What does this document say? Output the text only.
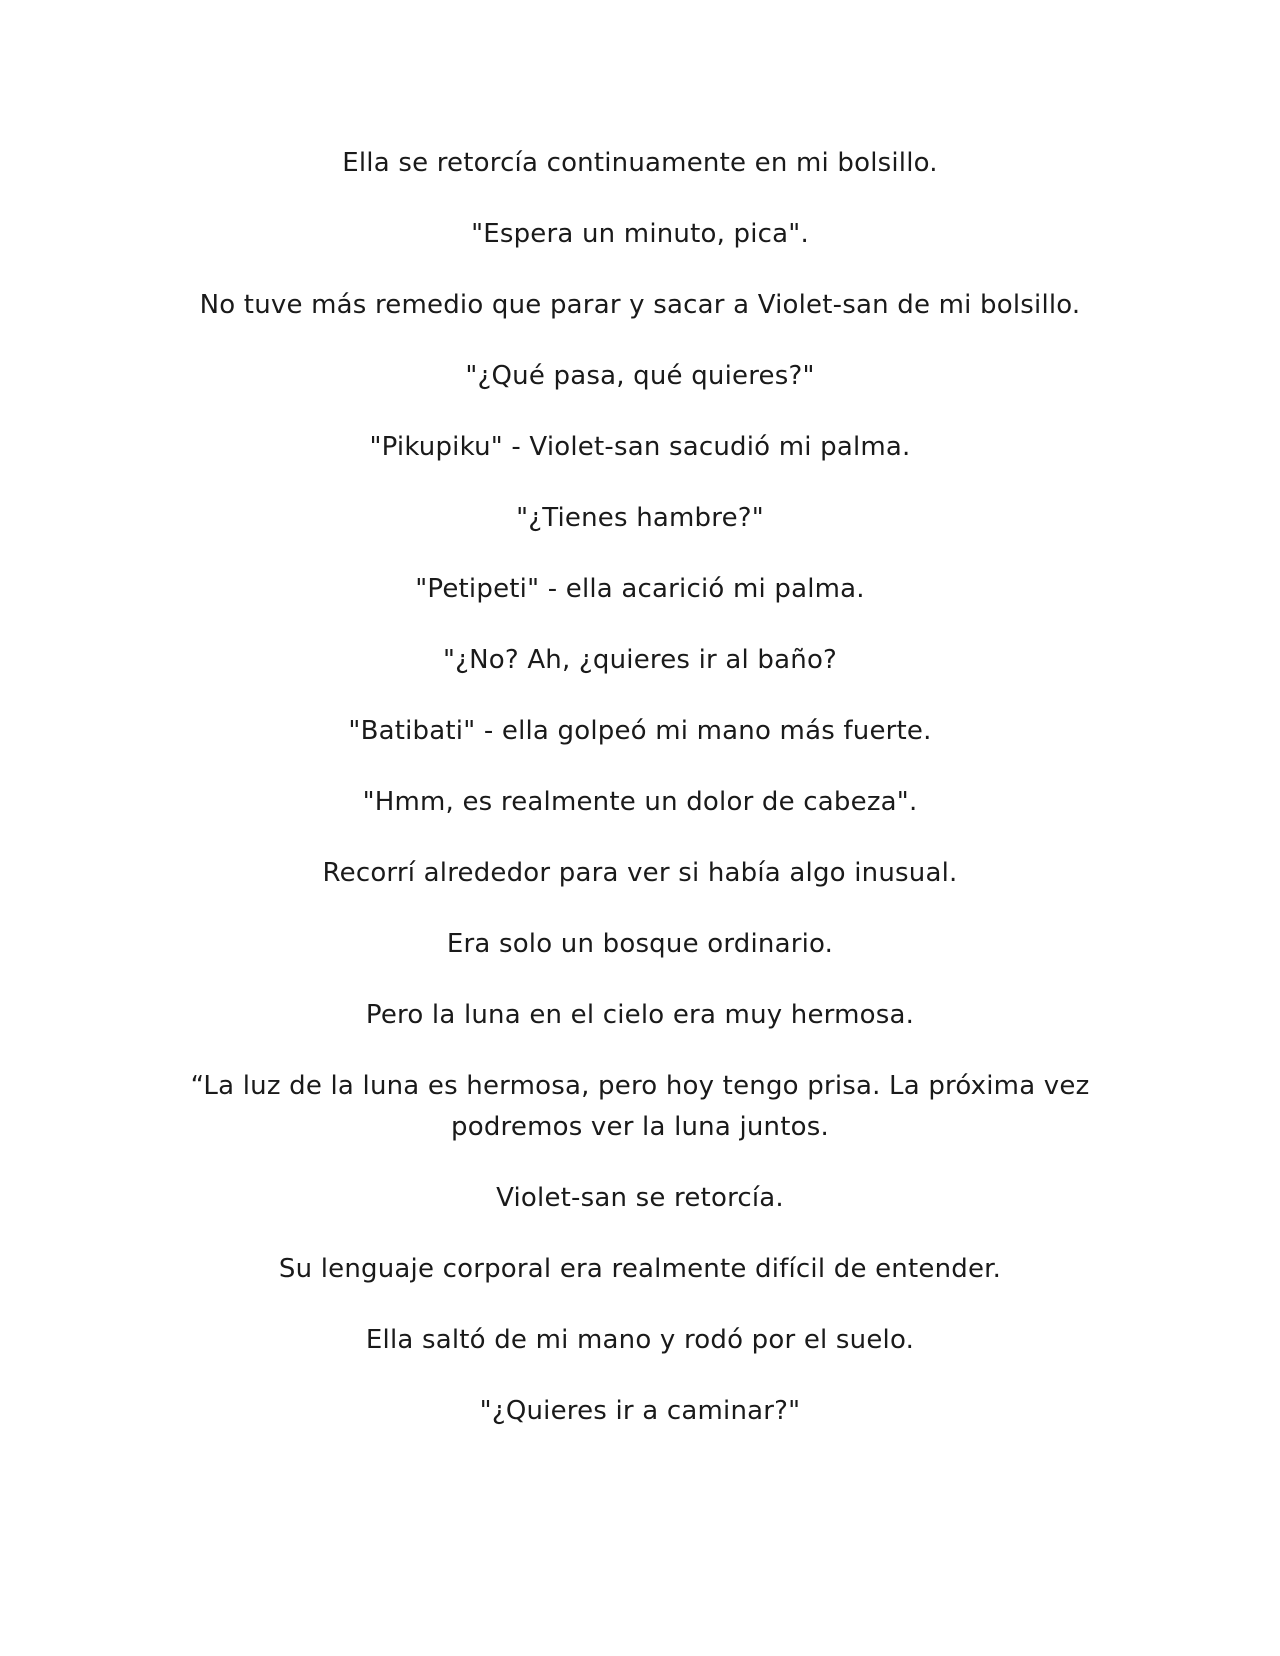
Ella se retorcía continuamente en mi bolsillo.

"Espera un minuto, pica".

No tuve más remedio que parar y sacar a Violet-san de mi bolsillo.

"¿Qué pasa, qué quieres?"

"Pikupiku" - Violet-san sacudió mi palma.

"¿Tienes hambre?"

"Petipeti" - ella acarició mi palma.

"¿No? Ah, ¿quieres ir al baño?

"Batibati" - ella golpeó mi mano más fuerte.

"Hmm, es realmente un dolor de cabeza".

Recorrí alrededor para ver si había algo inusual.

Era solo un bosque ordinario.

Pero la luna en el cielo era muy hermosa.

“La luz de la luna es hermosa, pero hoy tengo prisa. La próxima vez podremos ver la luna juntos.

Violet-san se retorcía.

Su lenguaje corporal era realmente difícil de entender.

Ella saltó de mi mano y rodó por el suelo.

"¿Quieres ir a caminar?"
